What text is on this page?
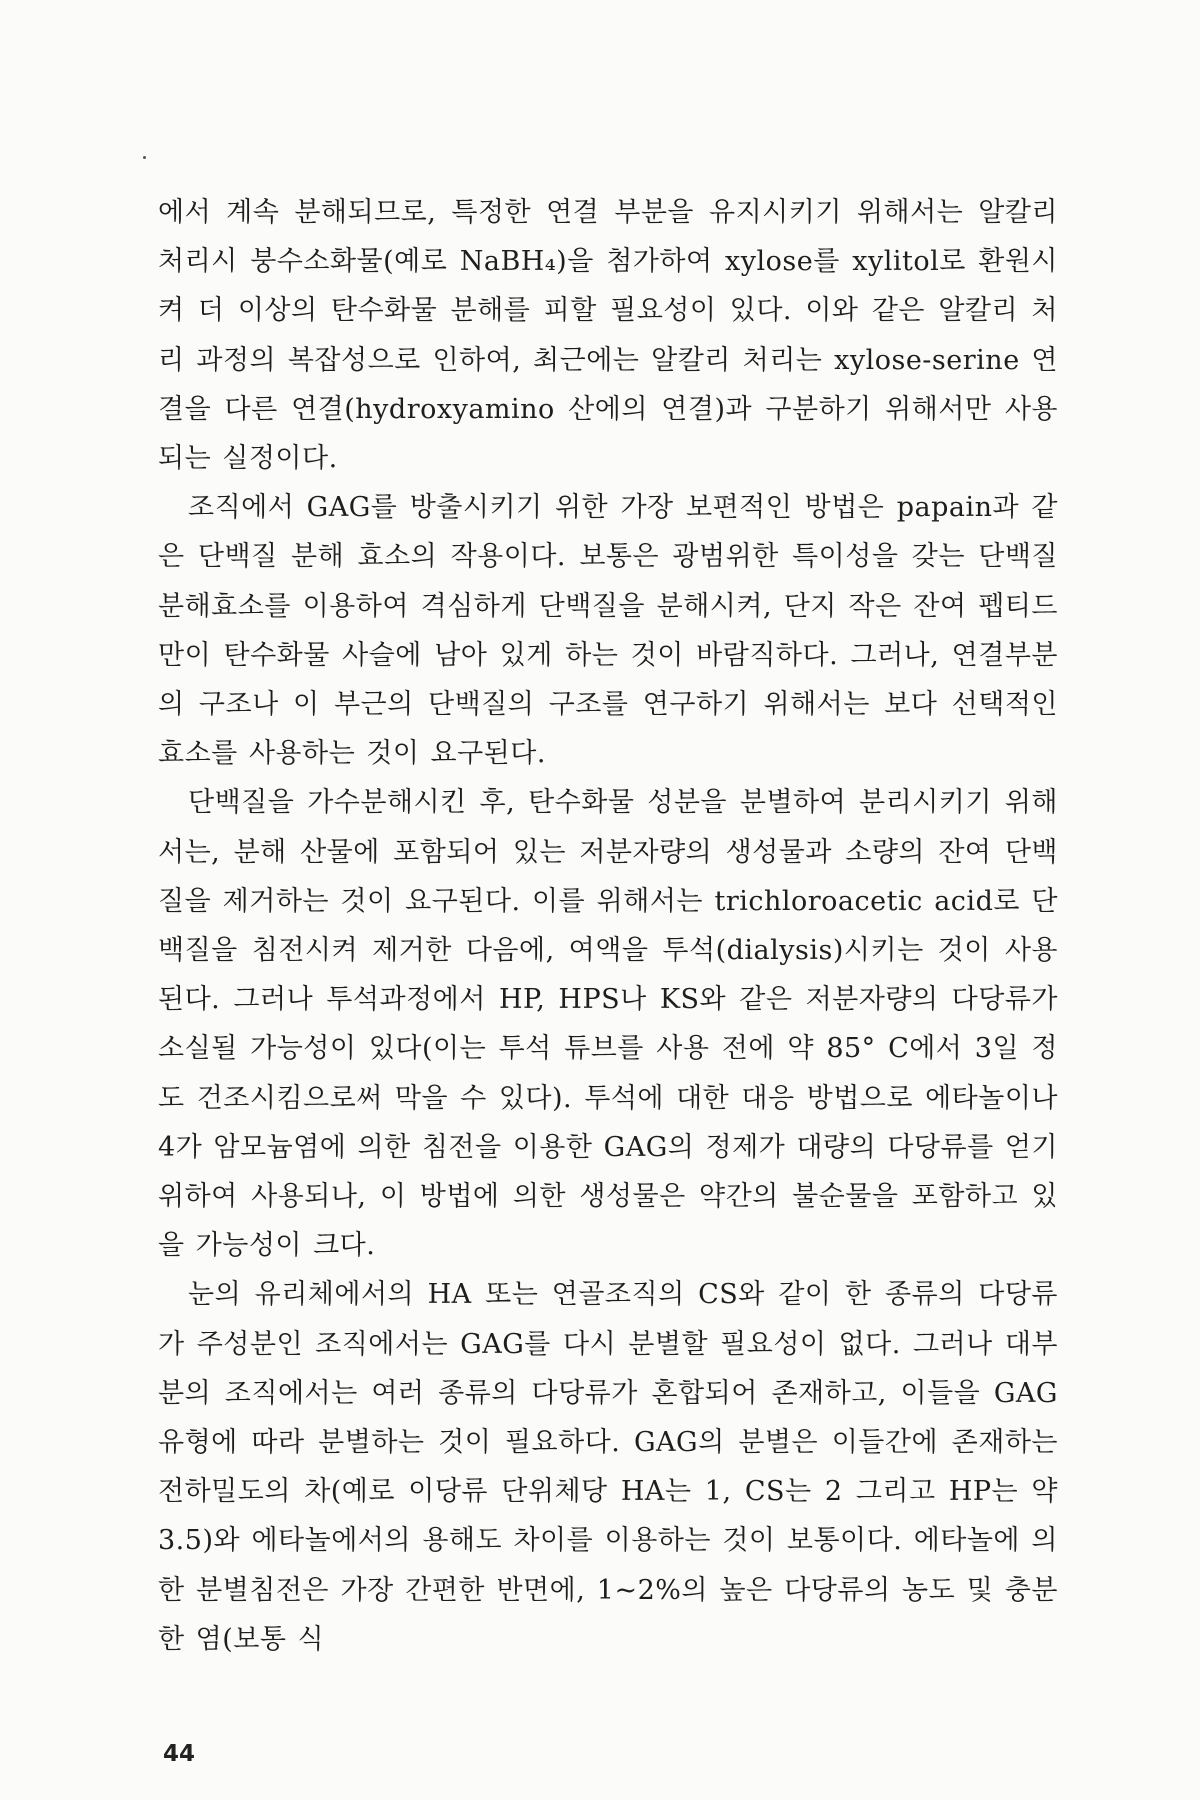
에서 계속 분해되므로, 특정한 연결 부분을 유지시키기 위해서는 알칼리 처리시 붕수소화물(예로 NaBH₄)을 첨가하여 xylose를 xylitol로 환원시켜 더 이상의 탄수화물 분해를 피할 필요성이 있다. 이와 같은 알칼리 처리 과정의 복잡성으로 인하여, 최근에는 알칼리 처리는 xylose-serine 연결을 다른 연결(hydroxyamino 산에의 연결)과 구분하기 위해서만 사용되는 실정이다.

조직에서 GAG를 방출시키기 위한 가장 보편적인 방법은 papain과 같은 단백질 분해 효소의 작용이다. 보통은 광범위한 특이성을 갖는 단백질 분해효소를 이용하여 격심하게 단백질을 분해시켜, 단지 작은 잔여 펩티드만이 탄수화물 사슬에 남아 있게 하는 것이 바람직하다. 그러나, 연결부분의 구조나 이 부근의 단백질의 구조를 연구하기 위해서는 보다 선택적인 효소를 사용하는 것이 요구된다.

단백질을 가수분해시킨 후, 탄수화물 성분을 분별하여 분리시키기 위해서는, 분해 산물에 포함되어 있는 저분자량의 생성물과 소량의 잔여 단백질을 제거하는 것이 요구된다. 이를 위해서는 trichloroacetic acid로 단백질을 침전시켜 제거한 다음에, 여액을 투석(dialysis)시키는 것이 사용된다. 그러나 투석과정에서 HP, HPS나 KS와 같은 저분자량의 다당류가 소실될 가능성이 있다(이는 투석 튜브를 사용 전에 약 85° C에서 3일 정도 건조시킴으로써 막을 수 있다). 투석에 대한 대응 방법으로 에타놀이나 4가 암모늄염에 의한 침전을 이용한 GAG의 정제가 대량의 다당류를 얻기 위하여 사용되나, 이 방법에 의한 생성물은 약간의 불순물을 포함하고 있을 가능성이 크다.

눈의 유리체에서의 HA 또는 연골조직의 CS와 같이 한 종류의 다당류가 주성분인 조직에서는 GAG를 다시 분별할 필요성이 없다. 그러나 대부분의 조직에서는 여러 종류의 다당류가 혼합되어 존재하고, 이들을 GAG 유형에 따라 분별하는 것이 필요하다. GAG의 분별은 이들간에 존재하는 전하밀도의 차(예로 이당류 단위체당 HA는 1, CS는 2 그리고 HP는 약 3.5)와 에타놀에서의 용해도 차이를 이용하는 것이 보통이다. 에타놀에 의한 분별침전은 가장 간편한 반면에, 1~2%의 높은 다당류의 농도 및 충분한 염(보통 식

44
